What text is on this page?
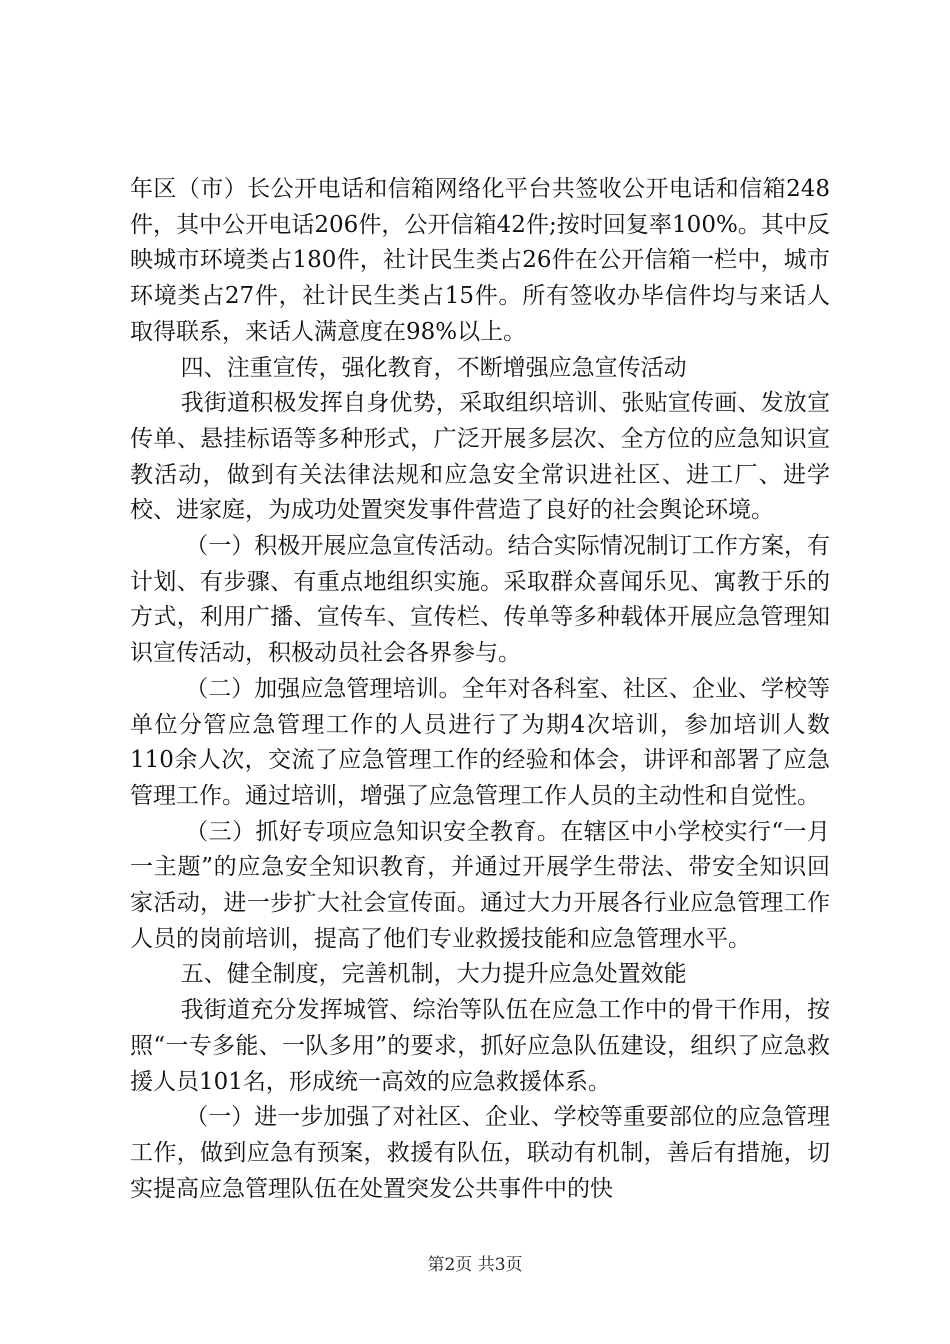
年区（市）长公开电话和信箱网络化平台共签收公开电话和信箱248件，其中公开电话206件，公开信箱42件;按时回复率100%。其中反映城市环境类占180件，社计民生类占26件在公开信箱一栏中，城市环境类占27件，社计民生类占15件。所有签收办毕信件均与来话人取得联系，来话人满意度在98%以上。

四、注重宣传，强化教育，不断增强应急宣传活动

我街道积极发挥自身优势，采取组织培训、张贴宣传画、发放宣传单、悬挂标语等多种形式，广泛开展多层次、全方位的应急知识宣教活动，做到有关法律法规和应急安全常识进社区、进工厂、进学校、进家庭，为成功处置突发事件营造了良好的社会舆论环境。

（一）积极开展应急宣传活动。结合实际情况制订工作方案，有计划、有步骤、有重点地组织实施。采取群众喜闻乐见、寓教于乐的方式，利用广播、宣传车、宣传栏、传单等多种载体开展应急管理知识宣传活动，积极动员社会各界参与。

（二）加强应急管理培训。全年对各科室、社区、企业、学校等单位分管应急管理工作的人员进行了为期4次培训，参加培训人数110余人次，交流了应急管理工作的经验和体会，讲评和部署了应急管理工作。通过培训，增强了应急管理工作人员的主动性和自觉性。

（三）抓好专项应急知识安全教育。在辖区中小学校实行“一月一主题”的应急安全知识教育，并通过开展学生带法、带安全知识回家活动，进一步扩大社会宣传面。通过大力开展各行业应急管理工作人员的岗前培训，提高了他们专业救援技能和应急管理水平。

五、健全制度，完善机制，大力提升应急处置效能

我街道充分发挥城管、综治等队伍在应急工作中的骨干作用，按照“一专多能、一队多用”的要求，抓好应急队伍建设，组织了应急救援人员101名，形成统一高效的应急救援体系。

（一）进一步加强了对社区、企业、学校等重要部位的应急管理工作，做到应急有预案，救援有队伍，联动有机制，善后有措施，切实提高应急管理队伍在处置突发公共事件中的快

第2页 共3页
